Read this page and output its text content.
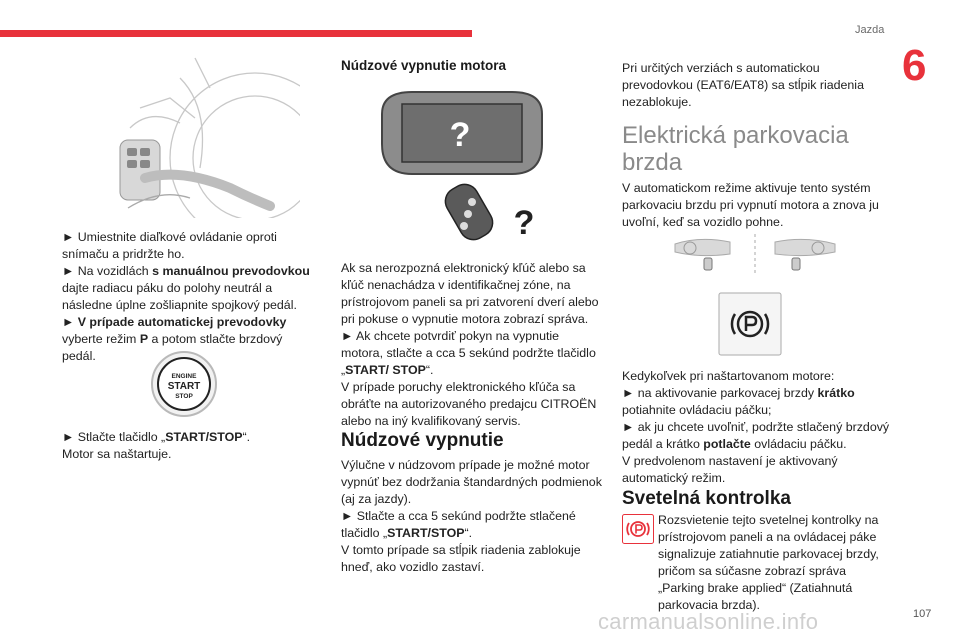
Jazda
6

► Umiestnite diaľkové ovládanie oproti snímaču a pridržte ho.

► Na vozidlách s manuálnou prevodovkou dajte radiacu páku do polohy neutrál a následne úplne zošliapnite spojkový pedál.

► V prípade automatickej prevodovky vyberte režim P a potom stlačte brzdový pedál.

ENGINE
START
STOP

► Stlačte tlačidlo „START/STOP“.

Motor sa naštartuje.

Núdzové vypnutie motora
?
?

Ak sa nerozpozná elektronický kľúč alebo sa kľúč nenachádza v identifikačnej zóne, na prístrojovom paneli sa pri zatvorení dverí alebo pri pokuse o vypnutie motora zobrazí správa.

► Ak chcete potvrdiť pokyn na vypnutie motora, stlačte a cca 5 sekúnd podržte tlačidlo „START/ STOP“.

V prípade poruchy elektronického kľúča sa obráťte na autorizovaného predajcu CITROËN alebo na iný kvalifikovaný servis.

Núdzové vypnutie

Výlučne v núdzovom prípade je možné motor vypnúť bez dodržania štandardných podmienok (aj za jazdy).

► Stlačte a cca 5 sekúnd podržte stlačené tlačidlo „START/STOP“.

V tomto prípade sa stĺpik riadenia zablokuje hneď, ako vozidlo zastaví.

Pri určitých verziách s automatickou prevodovkou (EAT6/EAT8) sa stĺpik riadenia nezablokuje.

Elektrická parkovacia brzda

V automatickom režime aktivuje tento systém parkovaciu brzdu pri vypnutí motora a znova ju uvoľní, keď sa vozidlo pohne.

Kedykoľvek pri naštartovanom motore:

► na aktivovanie parkovacej brzdy krátko potiahnite ovládaciu páčku;

► ak ju chcete uvoľniť, podržte stlačený brzdový pedál a krátko potlačte ovládaciu páčku.

V predvolenom nastavení je aktivovaný automatický režim.

Svetelná kontrolka

Rozsvietenie tejto svetelnej kontrolky na prístrojovom paneli a na ovládacej páke signalizuje zatiahnutie parkovacej brzdy, pričom sa súčasne zobrazí správa „Parking brake applied“ (Zatiahnutá parkovacia brzda).

carmanualsonline.info	107
